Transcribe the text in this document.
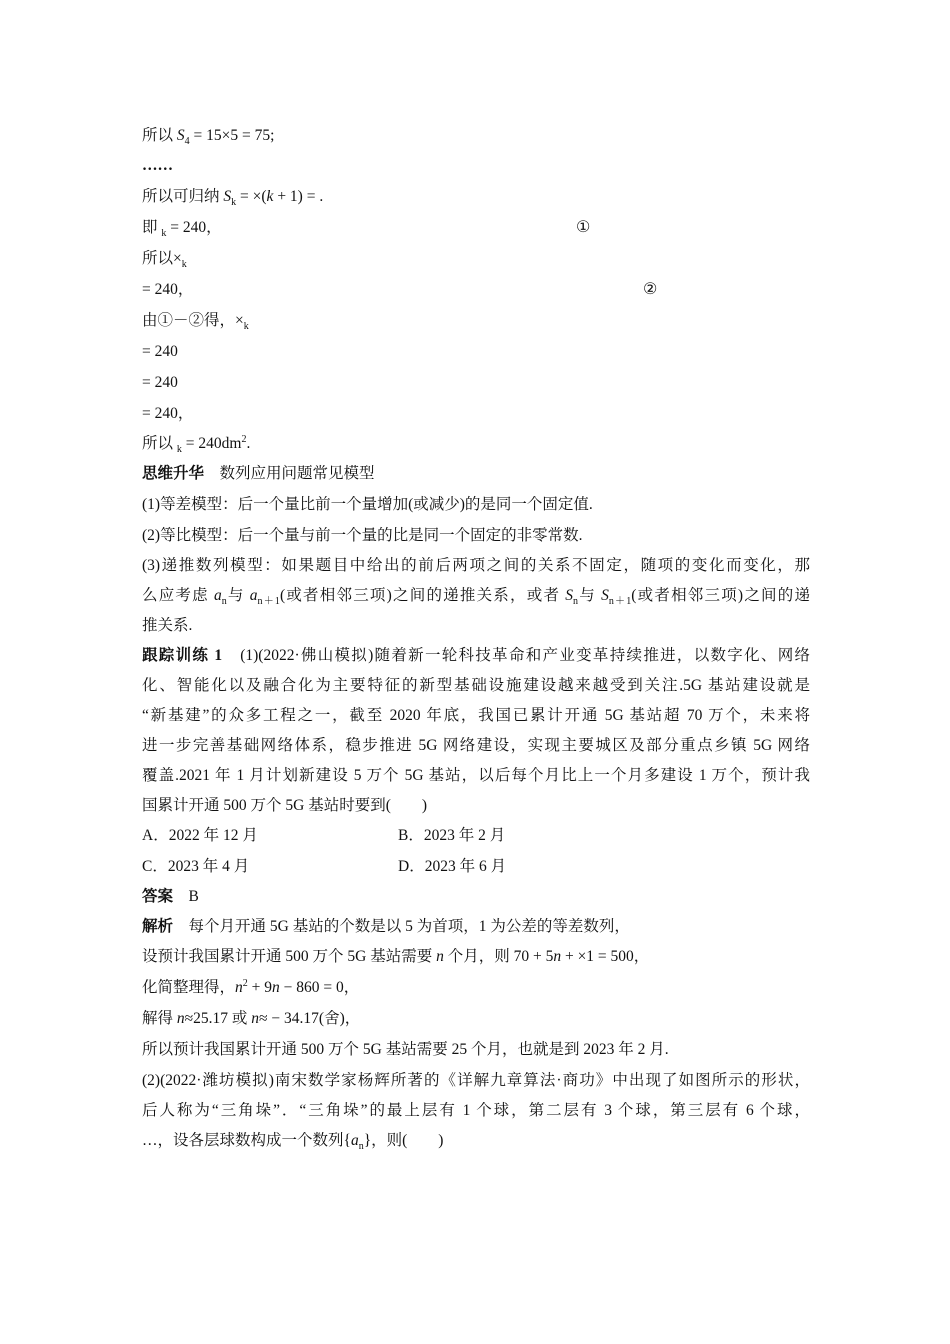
所以 $S_4 = 15\times 5 = 75$;
……
所以可归纳 $S_k = \times(k + 1)$ = .
即 $_k$ = 240，	①
所以$\times_k$
= 240，	②
由①－②得，$\times_k$
= 240
= 240
= 240，
所以 $_k = 240dm^2$.
思维升华　数列应用问题常见模型
(1)等差模型：后一个量比前一个量增加(或减少)的是同一个固定值.
(2)等比模型：后一个量与前一个量的比是同一个固定的非零常数.
(3)递推数列模型：如果题目中给出的前后两项之间的关系不固定，随项的变化而变化，那
么应考虑 $a_n$与 $a_{n+1}$(或者相邻三项)之间的递推关系，或者 $S_n$与 $S_{n+1}$(或者相邻三项)之间的递
推关系.
跟踪训练 1　(1)(2022·佛山模拟)随着新一轮科技革命和产业变革持续推进，以数字化、网络
化、智能化以及融合化为主要特征的新型基础设施建设越来越受到关注.5G 基站建设就是
“新基建”的众多工程之一，截至 2020 年底，我国已累计开通 5G 基站超 70 万个，未来将
进一步完善基础网络体系，稳步推进 5G 网络建设，实现主要城区及部分重点乡镇 5G 网络
覆盖.2021 年 1 月计划新建设 5 万个 5G 基站，以后每个月比上一个月多建设 1 万个，预计我
国累计开通 500 万个 5G 基站时要到(　　)
A．2022 年 12 月	B．2023 年 2 月
C．2023 年 4 月	D．2023 年 6 月
答案　B
解析　每个月开通 5G 基站的个数是以 5 为首项，1 为公差的等差数列，
设预计我国累计开通 500 万个 5G 基站需要 n 个月，则 70 + 5n + ×1 = 500，
化简整理得，$n^2 + 9n - 860 = 0$，
解得 n≈25.17 或 n≈ − 34.17(舍)，
所以预计我国累计开通 500 万个 5G 基站需要 25 个月，也就是到 2023 年 2 月.
(2)(2022·潍坊模拟)南宋数学家杨辉所著的《详解九章算法·商功》中出现了如图所示的形状，
后人称为“三角垛”．“三角垛”的最上层有 1 个球，第二层有 3 个球，第三层有 6 个球，
…，设各层球数构成一个数列$\{a_n\}$，则(　　)
